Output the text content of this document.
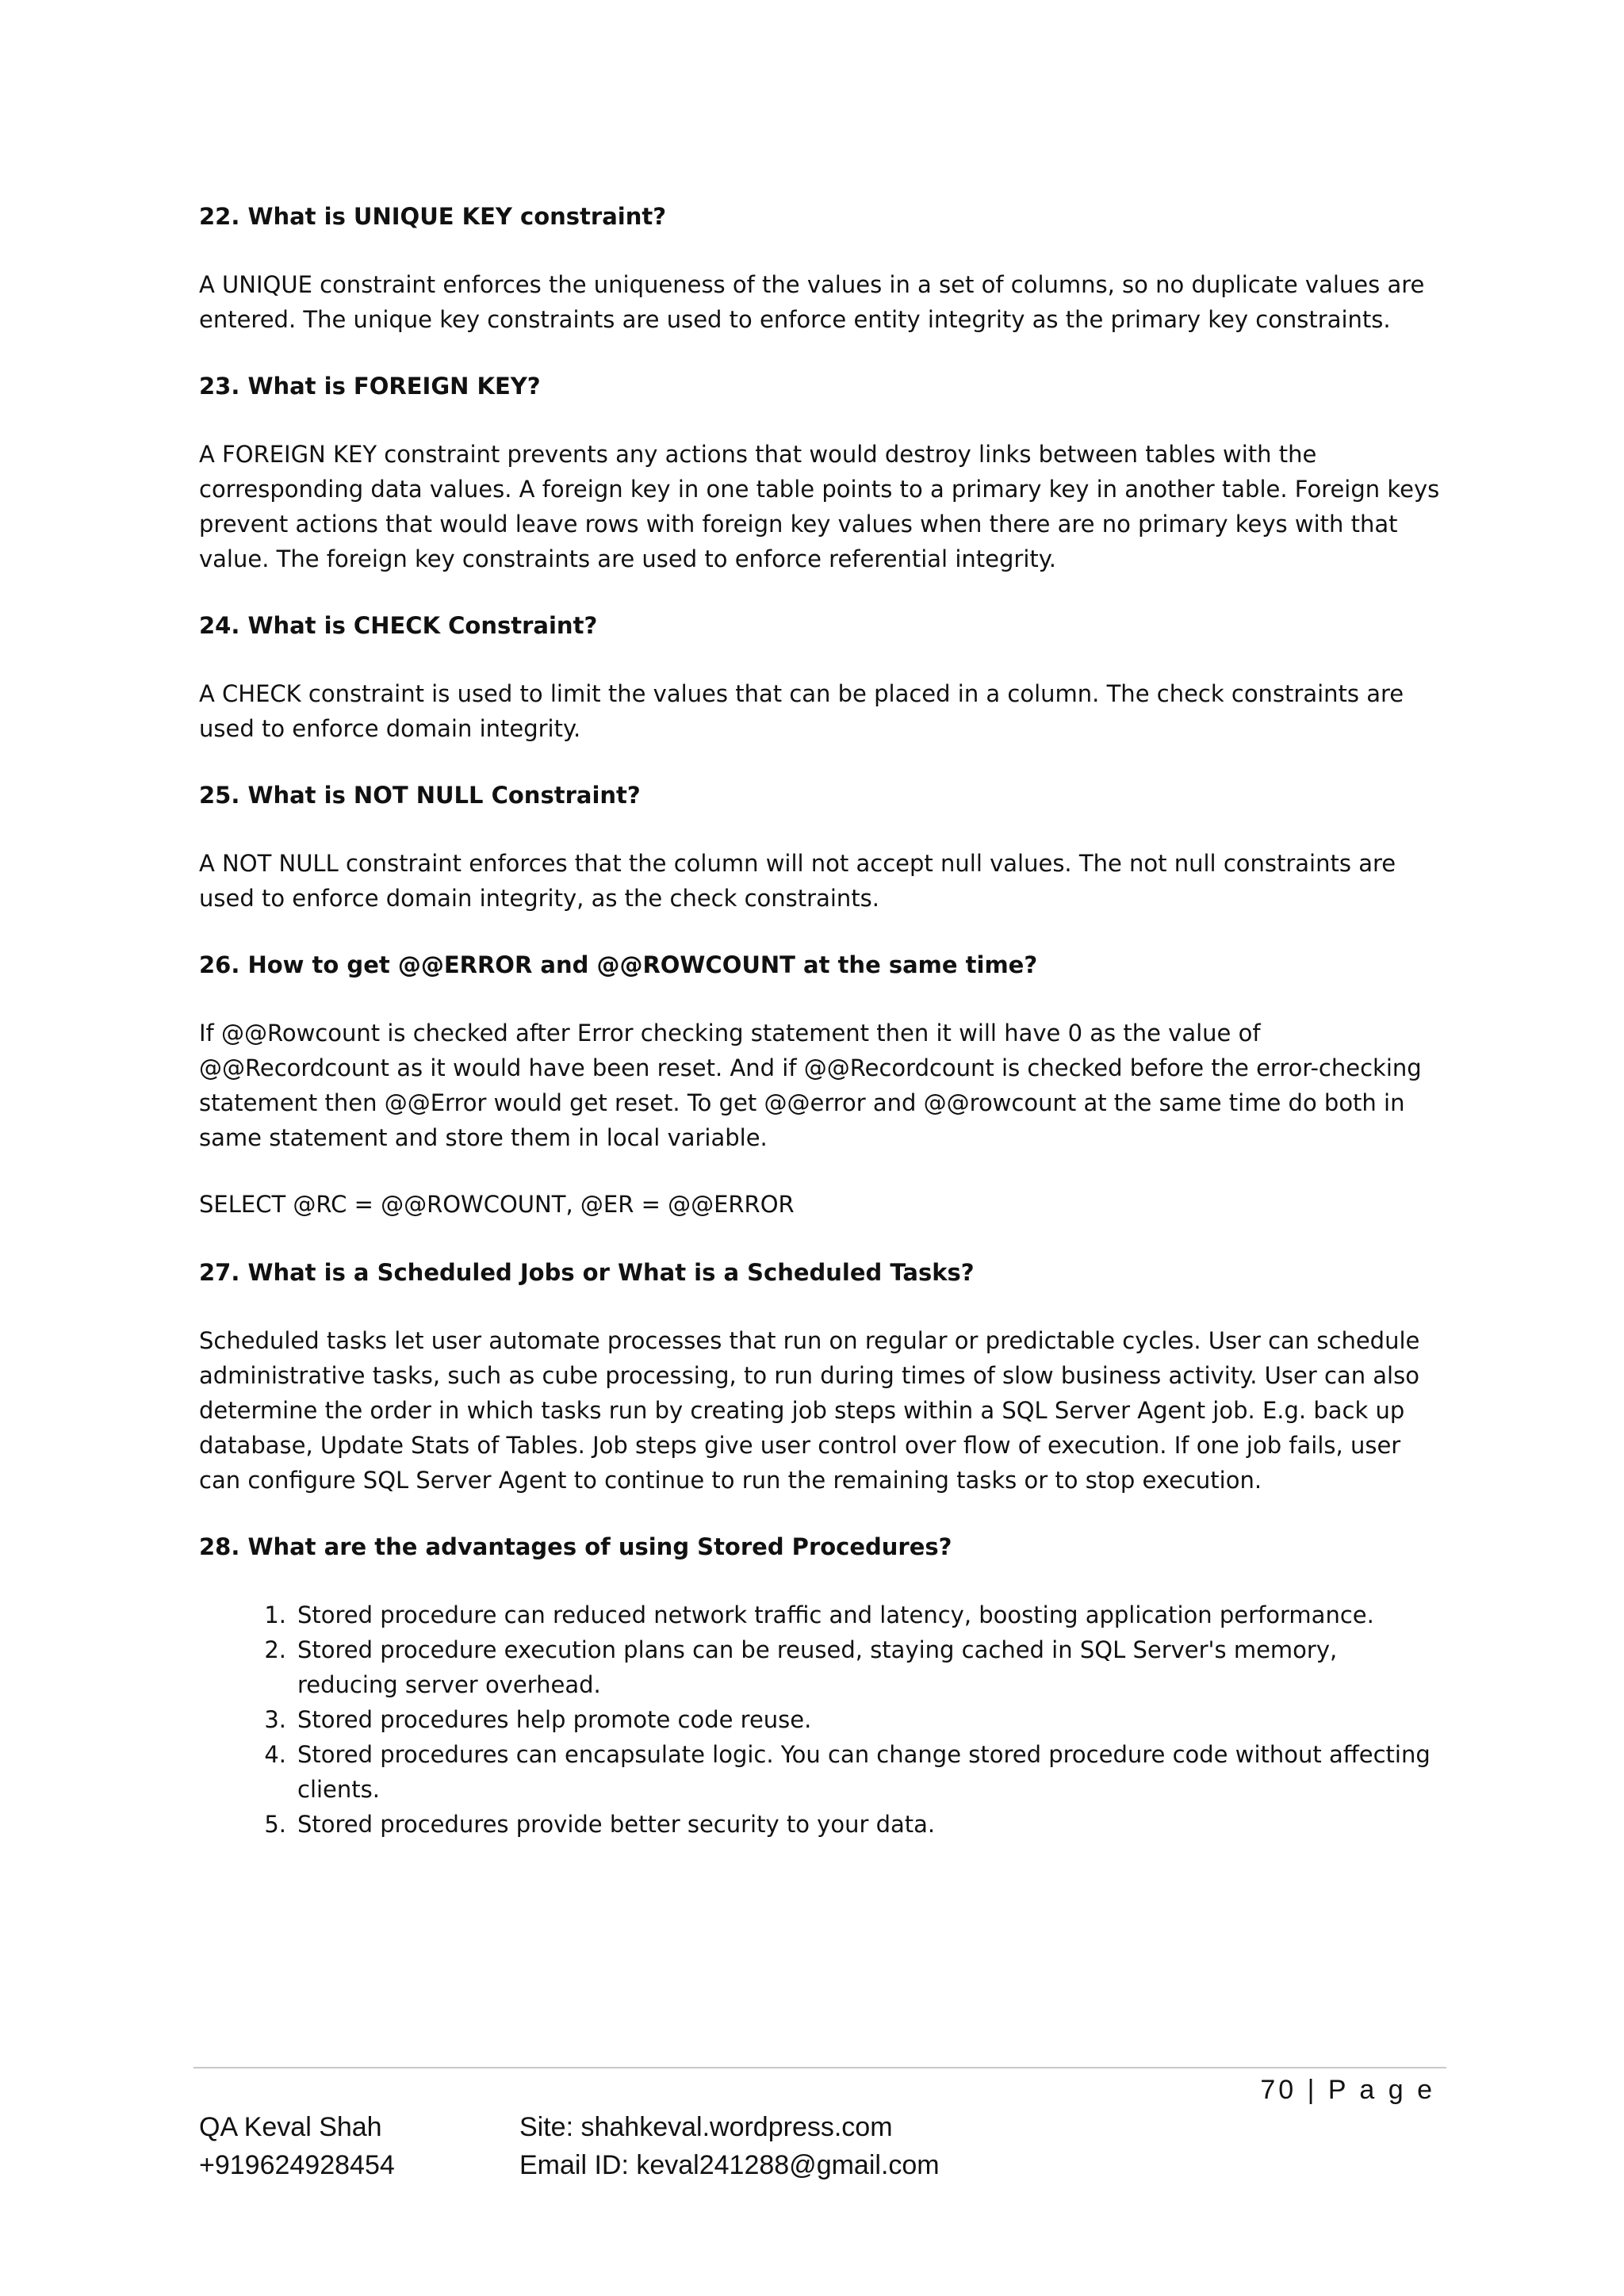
22. What is UNIQUE KEY constraint?
A UNIQUE constraint enforces the uniqueness of the values in a set of columns, so no duplicate values are entered. The unique key constraints are used to enforce entity integrity as the primary key constraints.
23. What is FOREIGN KEY?
A FOREIGN KEY constraint prevents any actions that would destroy links between tables with the corresponding data values. A foreign key in one table points to a primary key in another table. Foreign keys prevent actions that would leave rows with foreign key values when there are no primary keys with that value. The foreign key constraints are used to enforce referential integrity.
24. What is CHECK Constraint?
A CHECK constraint is used to limit the values that can be placed in a column. The check constraints are used to enforce domain integrity.
25. What is NOT NULL Constraint?
A NOT NULL constraint enforces that the column will not accept null values. The not null constraints are used to enforce domain integrity, as the check constraints.
26. How to get @@ERROR and @@ROWCOUNT at the same time?
If @@Rowcount is checked after Error checking statement then it will have 0 as the value of @@Recordcount as it would have been reset. And if @@Recordcount is checked before the error-checking statement then @@Error would get reset. To get @@error and @@rowcount at the same time do both in same statement and store them in local variable.
SELECT @RC = @@ROWCOUNT, @ER = @@ERROR
27. What is a Scheduled Jobs or What is a Scheduled Tasks?
Scheduled tasks let user automate processes that run on regular or predictable cycles. User can schedule administrative tasks, such as cube processing, to run during times of slow business activity. User can also determine the order in which tasks run by creating job steps within a SQL Server Agent job. E.g. back up database, Update Stats of Tables. Job steps give user control over flow of execution. If one job fails, user can configure SQL Server Agent to continue to run the remaining tasks or to stop execution.
28. What are the advantages of using Stored Procedures?
1. Stored procedure can reduced network traffic and latency, boosting application performance.
2. Stored procedure execution plans can be reused, staying cached in SQL Server's memory, reducing server overhead.
3. Stored procedures help promote code reuse.
4. Stored procedures can encapsulate logic. You can change stored procedure code without affecting clients.
5. Stored procedures provide better security to your data.
70 | P a g e
QA Keval Shah
+919624928454
Site: shahkeval.wordpress.com
Email ID: keval241288@gmail.com
